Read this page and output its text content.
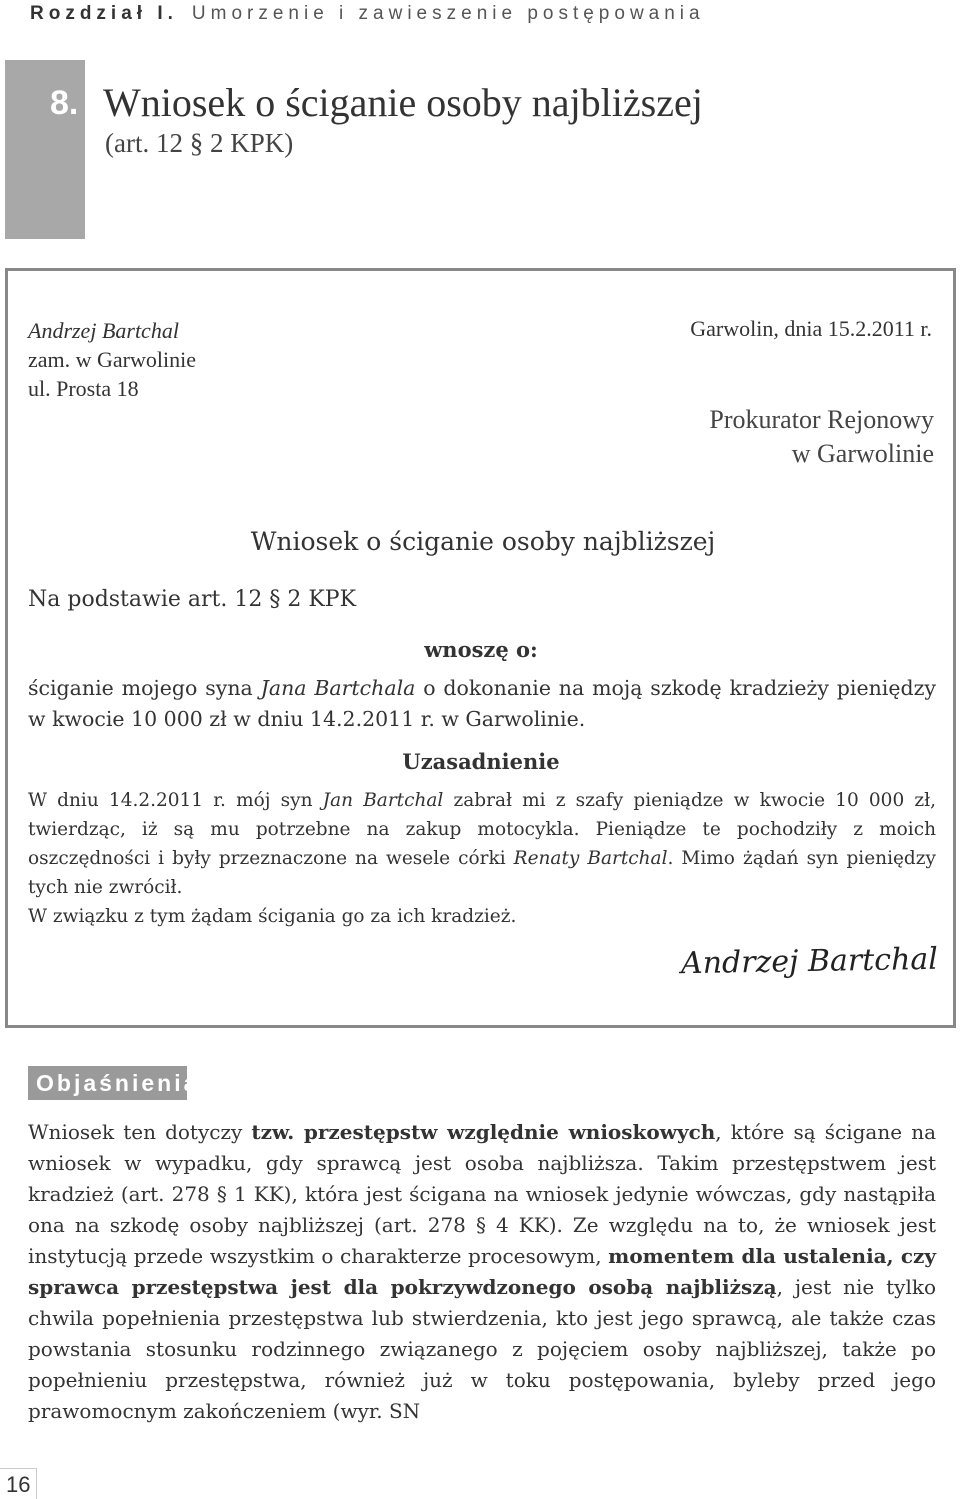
Rozdział I. Umorzenie i zawieszenie postępowania
8. Wniosek o ściganie osoby najbliższej
(art. 12 § 2 KPK)
Andrzej Bartchal
zam. w Garwolinie
ul. Prosta 18
Garwolin, dnia 15.2.2011 r.
Prokurator Rejonowy
w Garwolinie
Wniosek o ściganie osoby najbliższej
Na podstawie art. 12 § 2 KPK
wnoszę o:
ściganie mojego syna Jana Bartchala o dokonanie na moją szkodę kradzieży pieniędzy w kwocie 10 000 zł w dniu 14.2.2011 r. w Garwolinie.
Uzasadnienie

W dniu 14.2.2011 r. mój syn Jan Bartchal zabrał mi z szafy pieniądze w kwocie 10 000 zł, twierdząc, iż są mu potrzebne na zakup motocykla. Pieniądze te pochodziły z moich oszczędności i były przeznaczone na wesele córki Renaty Bartchal. Mimo żądań syn pieniędzy tych nie zwrócił.

W związku z tym żądam ścigania go za ich kradzież.

Andrzej Bartchal
Objaśnienia
Wniosek ten dotyczy tzw. przestępstw względnie wnioskowych, które są ścigane na wniosek w wypadku, gdy sprawcą jest osoba najbliższa. Takim przestępstwem jest kradzież (art. 278 § 1 KK), która jest ścigana na wniosek jedynie wówczas, gdy nastąpiła ona na szkodę osoby najbliższej (art. 278 § 4 KK). Ze względu na to, że wniosek jest instytucją przede wszystkim o charakterze procesowym, momentem dla ustalenia, czy sprawca przestępstwa jest dla pokrzywdzonego osobą najbliższą, jest nie tylko chwila popełnienia przestępstwa lub stwierdzenia, kto jest jego sprawcą, ale także czas powstania stosunku rodzinnego związanego z pojęciem osoby najbliższej, także po popełnieniu przestępstwa, również już w toku postępowania, byleby przed jego prawomocnym zakończeniem (wyr. SN
16
